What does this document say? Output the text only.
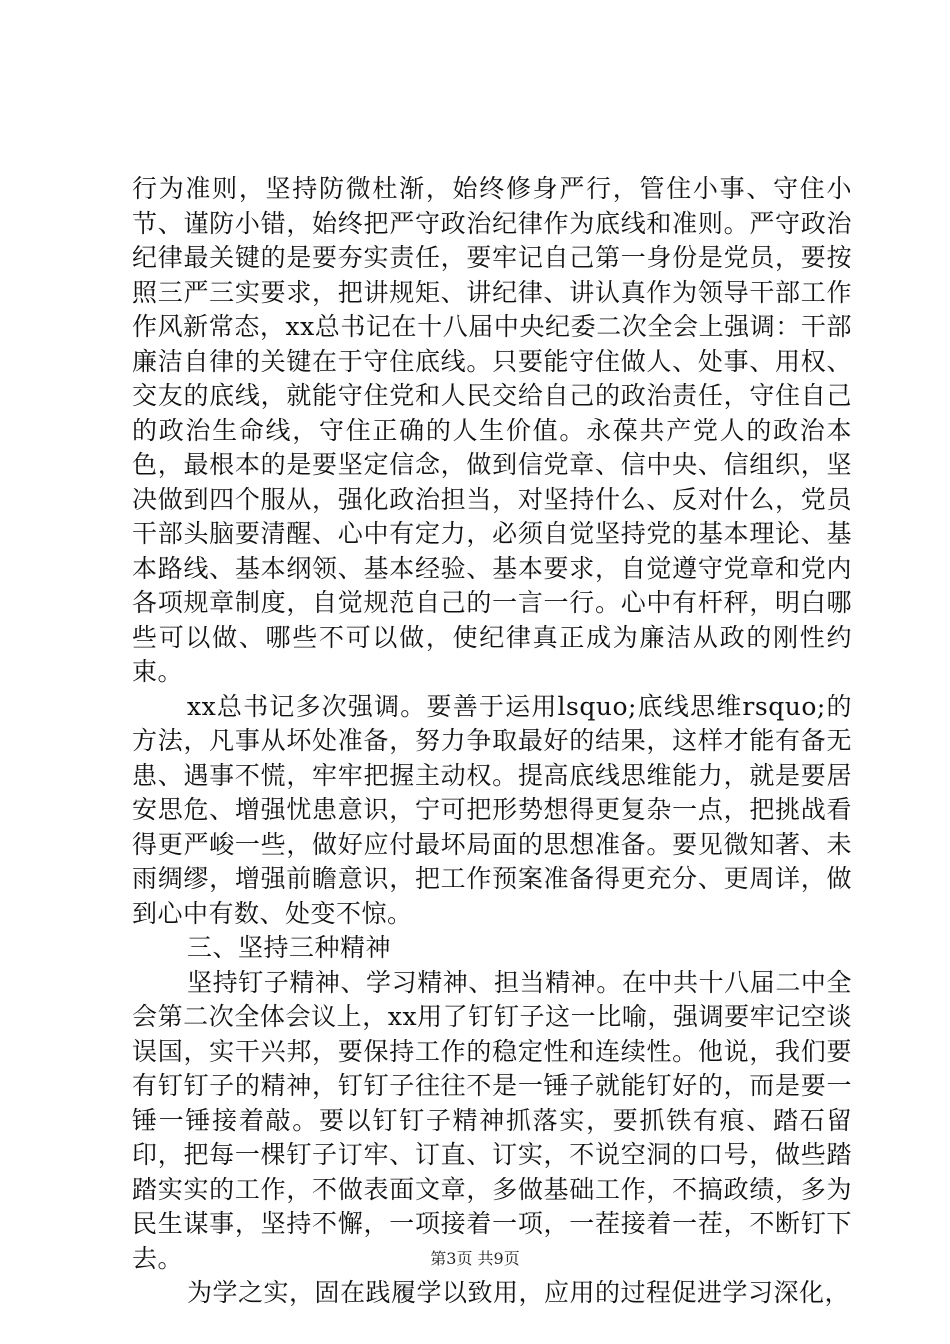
行为准则，坚持防微杜渐，始终修身严行，管住小事、守住小节、谨防小错，始终把严守政治纪律作为底线和准则。严守政治纪律最关键的是要夯实责任，要牢记自己第一身份是党员，要按照三严三实要求，把讲规矩、讲纪律、讲认真作为领导干部工作作风新常态，xx总书记在十八届中央纪委二次全会上强调：干部廉洁自律的关键在于守住底线。只要能守住做人、处事、用权、交友的底线，就能守住党和人民交给自己的政治责任，守住自己的政治生命线，守住正确的人生价值。永葆共产党人的政治本色，最根本的是要坚定信念，做到信党章、信中央、信组织，坚决做到四个服从，强化政治担当，对坚持什么、反对什么，党员干部头脑要清醒、心中有定力，必须自觉坚持党的基本理论、基本路线、基本纲领、基本经验、基本要求，自觉遵守党章和党内各项规章制度，自觉规范自己的一言一行。心中有杆秤，明白哪些可以做、哪些不可以做，使纪律真正成为廉洁从政的刚性约束。

xx总书记多次强调。要善于运用lsquo;底线思维rsquo;的方法，凡事从坏处准备，努力争取最好的结果，这样才能有备无患、遇事不慌，牢牢把握主动权。提高底线思维能力，就是要居安思危、增强忧患意识，宁可把形势想得更复杂一点，把挑战看得更严峻一些，做好应付最坏局面的思想准备。要见微知著、未雨绸缪，增强前瞻意识，把工作预案准备得更充分、更周详，做到心中有数、处变不惊。

三、坚持三种精神

坚持钉子精神、学习精神、担当精神。在中共十八届二中全会第二次全体会议上，xx用了钉钉子这一比喻，强调要牢记空谈误国，实干兴邦，要保持工作的稳定性和连续性。他说，我们要有钉钉子的精神，钉钉子往往不是一锤子就能钉好的，而是要一锤一锤接着敲。要以钉钉子精神抓落实，要抓铁有痕、踏石留印，把每一棵钉子订牢、订直、订实，不说空洞的口号，做些踏踏实实的工作，不做表面文章，多做基础工作，不搞政绩，多为民生谋事，坚持不懈，一项接着一项，一茬接着一茬，不断钉下去。

为学之实，固在践履学以致用，应用的过程促进学习深化，

第3页 共9页
